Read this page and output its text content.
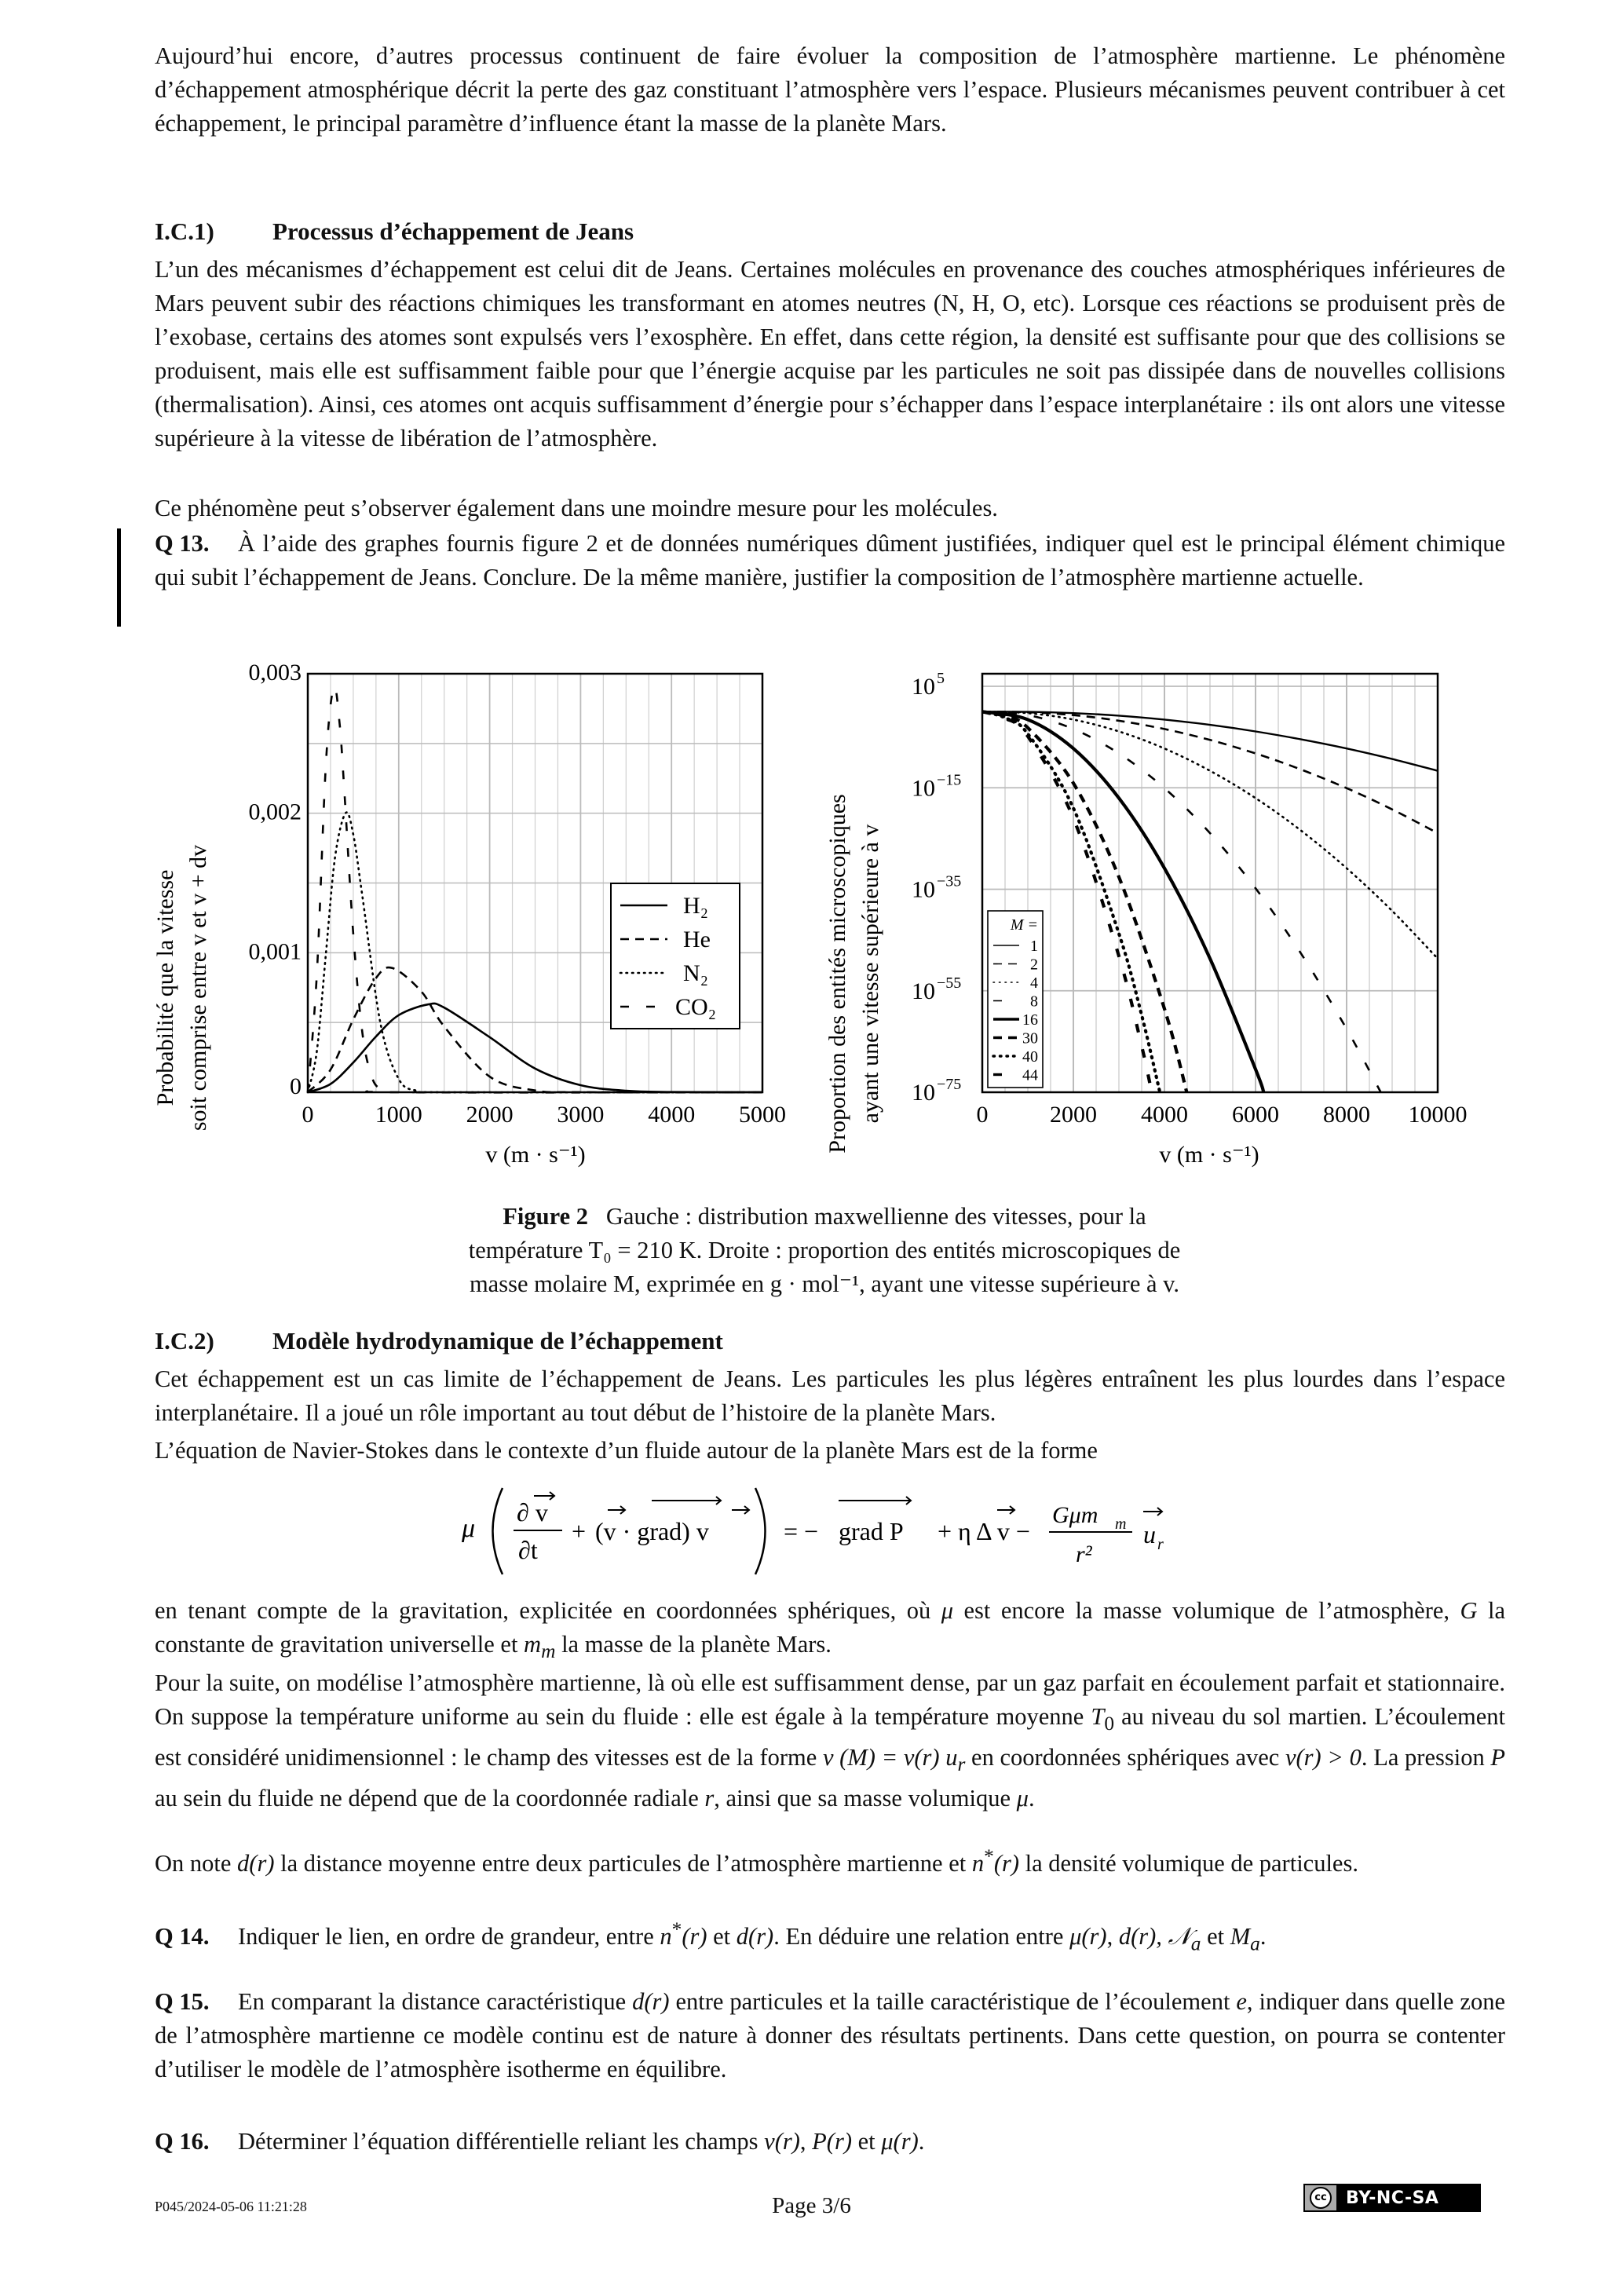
Aujourd’hui encore, d’autres processus continuent de faire évoluer la composition de l’atmosphère martienne. Le phénomène d’échappement atmosphérique décrit la perte des gaz constituant l’atmosphère vers l’espace. Plusieurs mécanismes peuvent contribuer à cet échappement, le principal paramètre d’influence étant la masse de la planète Mars.
I.C.1) Processus d’échappement de Jeans
L’un des mécanismes d’échappement est celui dit de Jeans. Certaines molécules en provenance des couches atmosphériques inférieures de Mars peuvent subir des réactions chimiques les transformant en atomes neutres (N, H, O, etc). Lorsque ces réactions se produisent près de l’exobase, certains des atomes sont expulsés vers l’exosphère. En effet, dans cette région, la densité est suffisante pour que des collisions se produisent, mais elle est suffisamment faible pour que l’énergie acquise par les particules ne soit pas dissipée dans de nouvelles collisions (thermalisation). Ainsi, ces atomes ont acquis suffisamment d’énergie pour s’échapper dans l’espace interplanétaire : ils ont alors une vitesse supérieure à la vitesse de libération de l’atmosphère.
Ce phénomène peut s’observer également dans une moindre mesure pour les molécules.
Q 13. À l’aide des graphes fournis figure 2 et de données numériques dûment justifiées, indiquer quel est le principal élément chimique qui subit l’échappement de Jeans. Conclure. De la même manière, justifier la composition de l’atmosphère martienne actuelle.
0	1000 2000 3000 4000 5000
0
0,001
0,002
0,003
Probabilité que la vitesse soit comprise entre v et v + dv
v (m · s⁻¹)
H₂
He
N₂
CO₂
0	2000 4000 6000 8000 10000
10 5
10 −15
10 −35
10 −55
10 −75
Proportion des entités microscopiques ayant une vitesse supérieure à v
v (m · s⁻¹)
M =
1
2
4
8
16
30
40
44
Figure 2 Gauche : distribution maxwellienne des vitesses, pour la
température T₀ = 210 K. Droite : proportion des entités microscopiques de
masse molaire M, exprimée en g · mol⁻¹, ayant une vitesse supérieure à v.
I.C.2) Modèle hydrodynamique de l’échappement
Cet échappement est un cas limite de l’échappement de Jeans. Les particules les plus légères entraînent les plus lourdes dans l’espace interplanétaire. Il a joué un rôle important au tout début de l’histoire de la planète Mars.
L’équation de Navier-Stokes dans le contexte d’un fluide autour de la planète Mars est de la forme
μ
∂ v
∂t
+ (v · grad) v	= − grad P + η Δ v −
Gμm m
r²
u r
en tenant compte de la gravitation, explicitée en coordonnées sphériques, où μ est encore la masse volumique de l’atmosphère, G la constante de gravitation universelle et $m_m$ la masse de la planète Mars.
Pour la suite, on modélise l’atmosphère martienne, là où elle est suffisamment dense, par un gaz parfait en écoulement parfait et stationnaire. On suppose la température uniforme au sein du fluide : elle est égale à la température moyenne $T_0$ au niveau du sol martien. L’écoulement est considéré unidimensionnel : le champ des vitesses est de la forme v (M) = v(r) $u_r$ en coordonnées sphériques avec v(r) > 0. La pression P au sein du fluide ne dépend que de la coordonnée radiale r, ainsi que sa masse volumique μ.
On note d(r) la distance moyenne entre deux particules de l’atmosphère martienne et n*(r) la densité volumique de particules.
Q 14. Indiquer le lien, en ordre de grandeur, entre n*(r) et d(r). En déduire une relation entre μ(r), d(r), 𝒩$_a$ et $M_a$.
Q 15. En comparant la distance caractéristique d(r) entre particules et la taille caractéristique de l’écoulement e, indiquer dans quelle zone de l’atmosphère martienne ce modèle continu est de nature à donner des résultats pertinents. Dans cette question, on pourra se contenter d’utiliser le modèle de l’atmosphère isotherme en équilibre.
Q 16. Déterminer l’équation différentielle reliant les champs v(r), P(r) et μ(r).
P045/2024-05-06 11:21:28	Page 3/6	cc	BY-NC-SA
